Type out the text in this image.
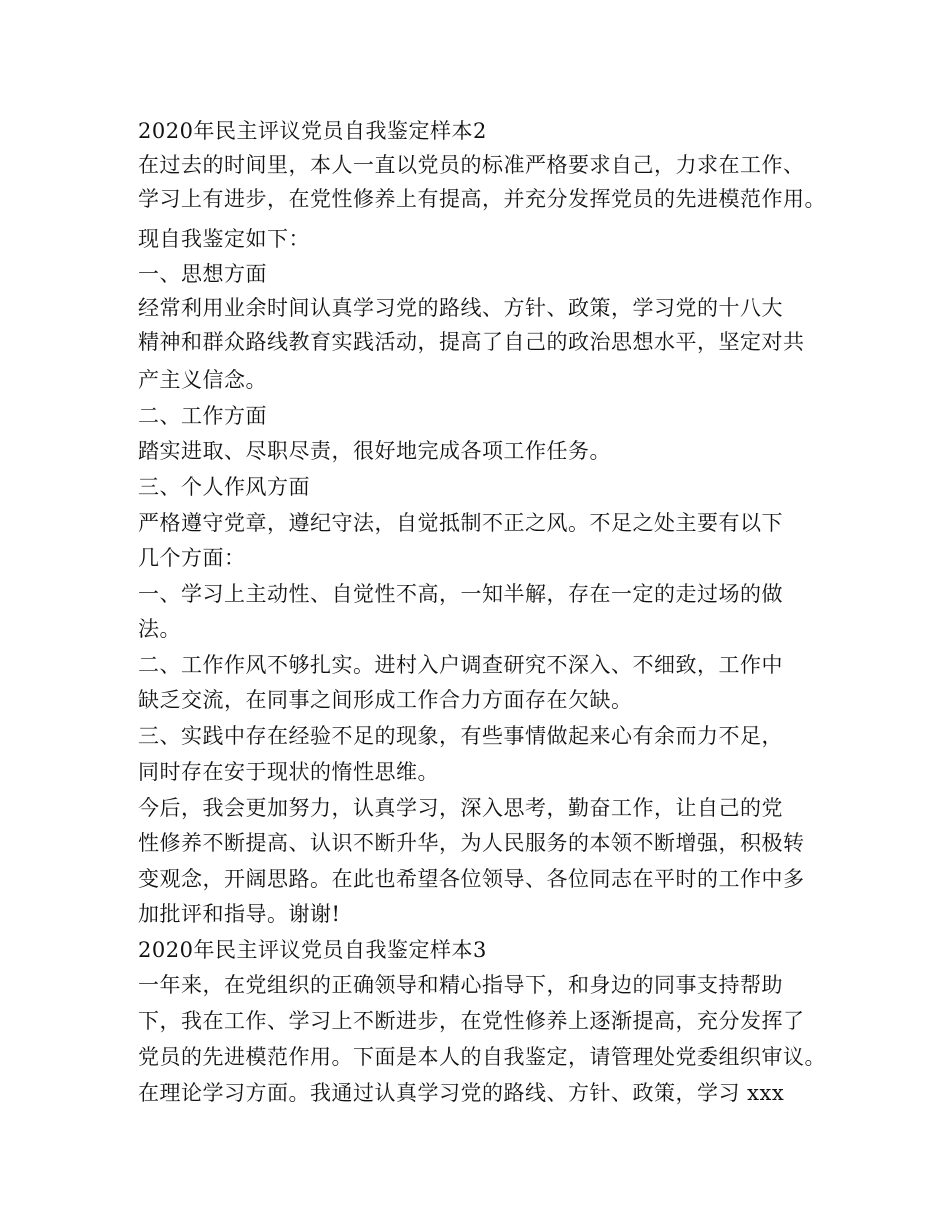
2020年民主评议党员自我鉴定样本2
在过去的时间里，本人一直以党员的标准严格要求自己，力求在工作、
学习上有进步，在党性修养上有提高，并充分发挥党员的先进模范作用。
现自我鉴定如下：
一、思想方面
经常利用业余时间认真学习党的路线、方针、政策，学习党的十八大
精神和群众路线教育实践活动，提高了自己的政治思想水平，坚定对共
产主义信念。
二、工作方面
踏实进取、尽职尽责，很好地完成各项工作任务。
三、个人作风方面
严格遵守党章，遵纪守法，自觉抵制不正之风。不足之处主要有以下
几个方面：
一、学习上主动性、自觉性不高，一知半解，存在一定的走过场的做
法。
二、工作作风不够扎实。进村入户调查研究不深入、不细致，工作中
缺乏交流，在同事之间形成工作合力方面存在欠缺。
三、实践中存在经验不足的现象，有些事情做起来心有余而力不足，
同时存在安于现状的惰性思维。
今后，我会更加努力，认真学习，深入思考，勤奋工作，让自己的党
性修养不断提高、认识不断升华，为人民服务的本领不断增强，积极转
变观念，开阔思路。在此也希望各位领导、各位同志在平时的工作中多
加批评和指导。谢谢!
2020年民主评议党员自我鉴定样本3
一年来，在党组织的正确领导和精心指导下，和身边的同事支持帮助
下，我在工作、学习上不断进步，在党性修养上逐渐提高，充分发挥了
党员的先进模范作用。下面是本人的自我鉴定，请管理处党委组织审议。
在理论学习方面。我通过认真学习党的路线、方针、政策，学习 xxx
